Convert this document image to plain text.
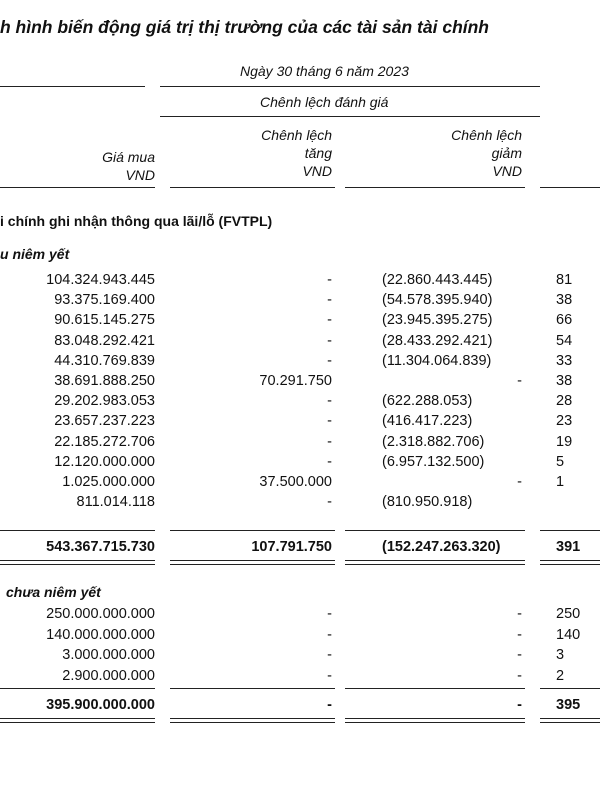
h hình biến động giá trị thị trường của các tài sản tài chính
Ngày 30 tháng 6 năm 2023
Chênh lệch đánh giá
Giá mua
VND
Chênh lệch
tăng
VND
Chênh lệch
giảm
VND
i chính ghi nhận thông qua lãi/lỗ (FVTPL)
u niêm yết
104.324.943.445	-	(22.860.443.445)	81
93.375.169.400	-	(54.578.395.940)	38
90.615.145.275	-	(23.945.395.275)	66
83.048.292.421	-	(28.433.292.421)	54
44.310.769.839	-	(11.304.064.839)	33
38.691.888.250	70.291.750	- 38
29.202.983.053	-	(622.288.053)	28
23.657.237.223	-	(416.417.223)	23
22.185.272.706	-	(2.318.882.706)	19
12.120.000.000	-	(6.957.132.500)	5
1.025.000.000	37.500.000	- 1
811.014.118	-	(810.950.918)
543.367.715.730	107.791.750	(152.247.263.320)	391
chưa niêm yết
250.000.000.000	-	- 250
140.000.000.000	-	- 140
3.000.000.000	-	- 3
2.900.000.000	-	- 2
395.900.000.000	-	- 395
